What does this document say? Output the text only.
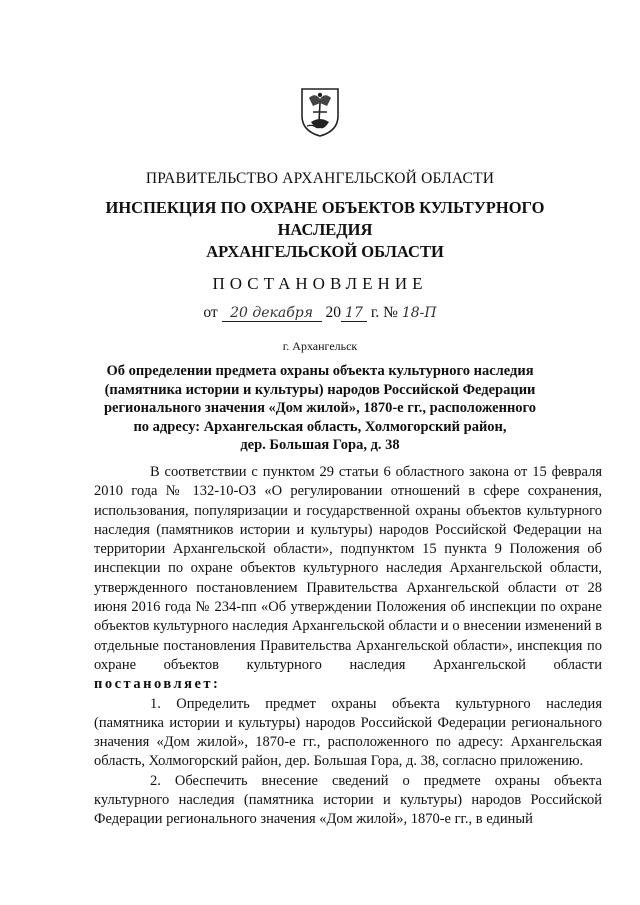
ПРАВИТЕЛЬСТВО АРХАНГЕЛЬСКОЙ ОБЛАСТИ
ИНСПЕКЦИЯ ПО ОХРАНЕ ОБЪЕКТОВ КУЛЬТУРНОГО НАСЛЕДИЯ
АРХАНГЕЛЬСКОЙ ОБЛАСТИ
ПОСТАНОВЛЕНИЕ
от 20 декабря 20 17 г. № 18-П
г. Архангельск
Об определении предмета охраны объекта культурного наследия
(памятника истории и культуры) народов Российской Федерации
регионального значения «Дом жилой», 1870-е гг., расположенного
по адресу: Архангельская область, Холмогорский район,
дер. Большая Гора, д. 38

В соответствии с пунктом 29 статьи 6 областного закона от 15 февраля 2010 года № 132-10-ОЗ «О регулировании отношений в сфере сохранения, использования, популяризации и государственной охраны объектов культурного наследия (памятников истории и культуры) народов Российской Федерации на территории Архангельской области», подпунктом 15 пункта 9 Положения об инспекции по охране объектов культурного наследия Архангельской области, утвержденного постановлением Правительства Архангельской области от 28 июня 2016 года № 234-пп «Об утверждении Положения об инспекции по охране объектов культурного наследия Архангельской области и о внесении изменений в отдельные постановления Правительства Архангельской области», инспекция по охране объектов культурного наследия Архангельской области постановляет:

1. Определить предмет охраны объекта культурного наследия (памятника истории и культуры) народов Российской Федерации регионального значения «Дом жилой», 1870-е гг., расположенного по адресу: Архангельская область, Холмогорский район, дер. Большая Гора, д. 38, согласно приложению.

2. Обеспечить внесение сведений о предмете охраны объекта культурного наследия (памятника истории и культуры) народов Российской Федерации регионального значения «Дом жилой», 1870-е гг., в единый
